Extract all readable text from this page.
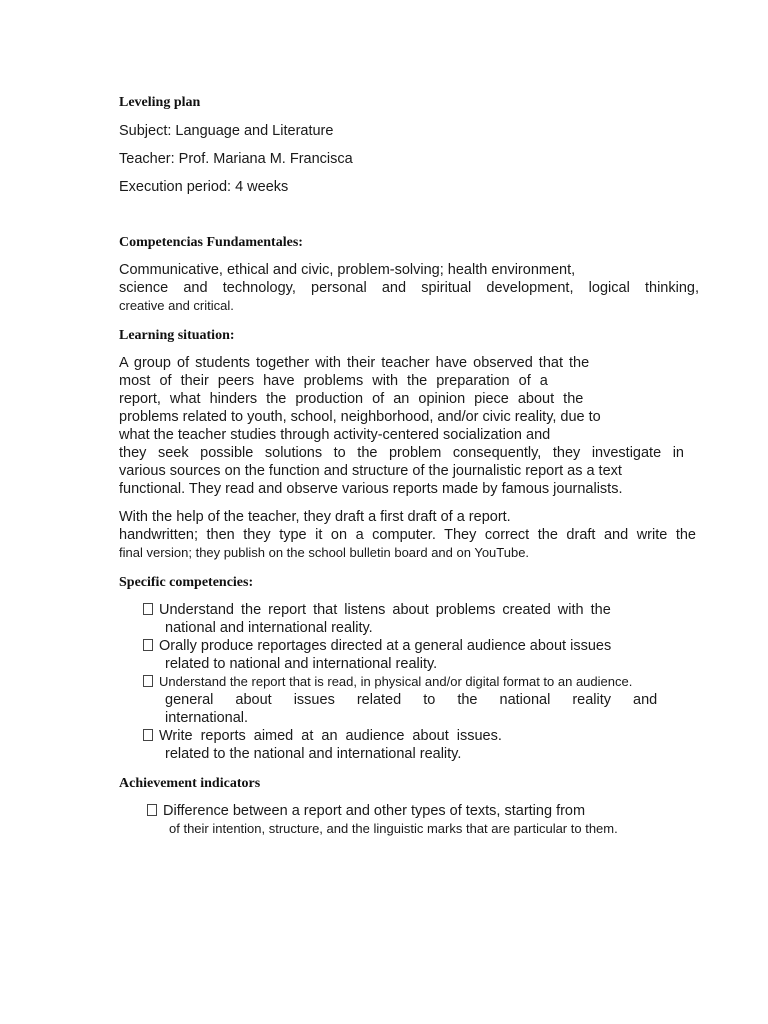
Leveling plan
Subject: Language and Literature
Teacher: Prof. Mariana M. Francisca
Execution period: 4 weeks
Competencias Fundamentales:
Communicative, ethical and civic, problem-solving; health environment,
science and technology, personal and spiritual development, logical thinking,
creative and critical.
Learning situation:
A group of students together with their teacher have observed that the
most of their peers have problems with the preparation of a
report, what hinders the production of an opinion piece about the
problems related to youth, school, neighborhood, and/or civic reality, due to
what the teacher studies through activity-centered socialization and
they seek possible solutions to the problem consequently, they investigate in
various sources on the function and structure of the journalistic report as a text
functional. They read and observe various reports made by famous journalists.
With the help of the teacher, they draft a first draft of a report.
handwritten; then they type it on a computer. They correct the draft and write the
final version; they publish on the school bulletin board and on YouTube.
Specific competencies:
Understand the report that listens about problems created with the
national and international reality.
Orally produce reportages directed at a general audience about issues
related to national and international reality.
Understand the report that is read, in physical and/or digital format to an audience.
general about issues related to the national reality and
international.
Write reports aimed at an audience about issues.
related to the national and international reality.
Achievement indicators
Difference between a report and other types of texts, starting from
of their intention, structure, and the linguistic marks that are particular to them.
